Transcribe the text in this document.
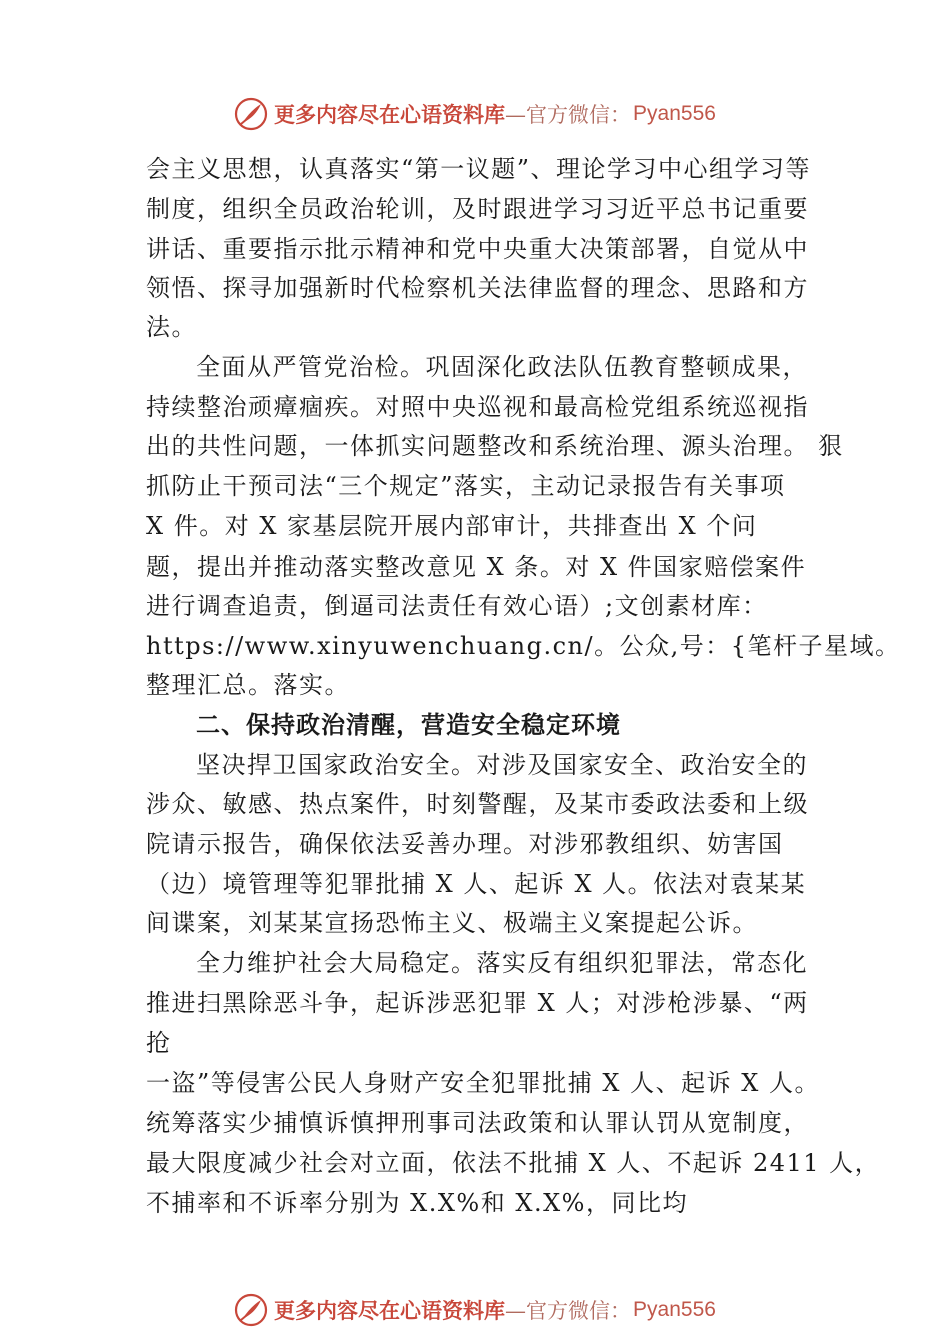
更多内容尽在心语资料库 —官方微信： Pyan556
会主义思想，认真落实“第一议题”、理论学习中心组学习等
制度，组织全员政治轮训，及时跟进学习习近平总书记重要
讲话、重要指示批示精神和党中央重大决策部署，自觉从中
领悟、探寻加强新时代检察机关法律监督的理念、思路和方
法。
全面从严管党治检。巩固深化政法队伍教育整顿成果，
持续整治顽瘴痼疾。对照中央巡视和最高检党组系统巡视指
出的共性问题，一体抓实问题整改和系统治理、源头治理。 狠
抓防止干预司法“三个规定”落实，主动记录报告有关事项
X 件。对 X 家基层院开展内部审计，共排查出 X 个问
题，提出并推动落实整改意见 X 条。对 X 件国家赔偿案件
进行调查追责，倒逼司法责任有效心语）;文创素材库：
https://www.xinyuwenchuang.cn/。公众,号：{笔杆子星域。
整理汇总。落实。
二、保持政治清醒，营造安全稳定环境
坚决捍卫国家政治安全。对涉及国家安全、政治安全的
涉众、敏感、热点案件，时刻警醒，及某市委政法委和上级
院请示报告，确保依法妥善办理。对涉邪教组织、妨害国
（边）境管理等犯罪批捕 X 人、起诉 X 人。依法对袁某某
间谍案，刘某某宣扬恐怖主义、极端主义案提起公诉。
全力维护社会大局稳定。落实反有组织犯罪法，常态化
推进扫黑除恶斗争，起诉涉恶犯罪 X 人；对涉枪涉暴、“两
抢
一盗”等侵害公民人身财产安全犯罪批捕 X 人、起诉 X 人。
统筹落实少捕慎诉慎押刑事司法政策和认罪认罚从宽制度，
最大限度减少社会对立面，依法不批捕 X 人、不起诉 2411 人，
不捕率和不诉率分别为 X.X%和 X.X%，同比均
更多内容尽在心语资料库 —官方微信： Pyan556
